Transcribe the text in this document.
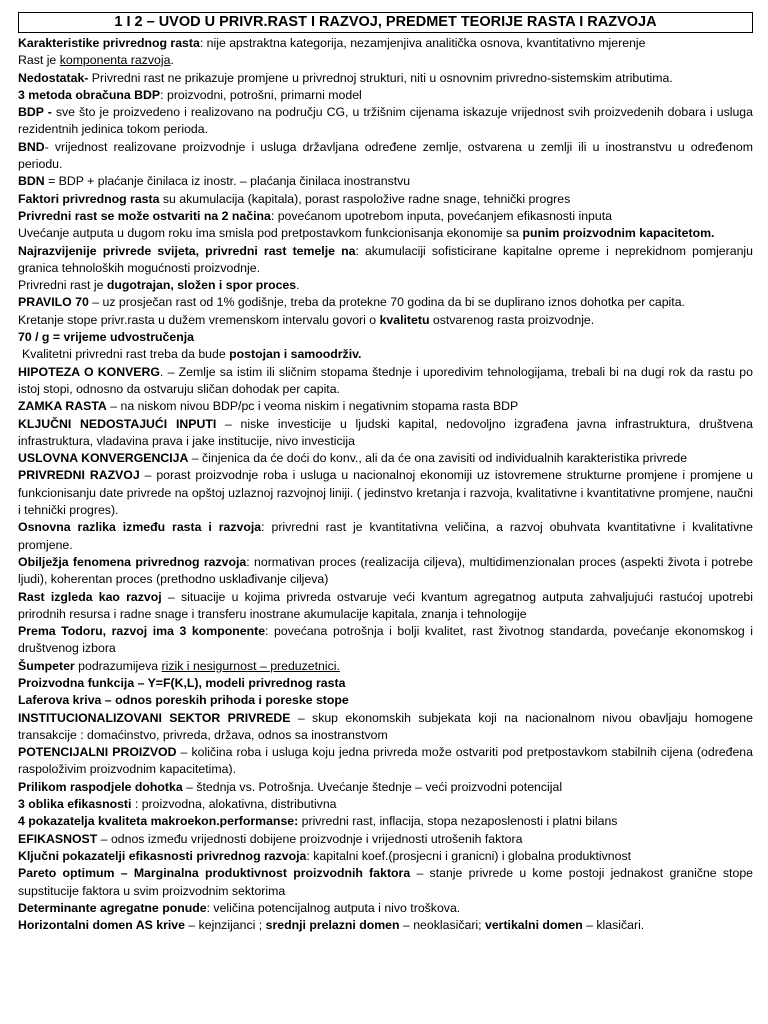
1 I 2 – UVOD U PRIVR.RAST I RAZVOJ, PREDMET TEORIJE RASTA I RAZVOJA

Karakteristike privrednog rasta: nije apstraktna kategorija, nezamjenjiva analitička osnova, kvantitativno mjerenje

Rast je komponenta razvoja.

Nedostatak- Privredni rast ne prikazuje promjene u privrednoj strukturi, niti u osnovnim privredno-sistemskim atributima.

3 metoda obračuna BDP: proizvodni, potrošni, primarni model

BDP - sve što je proizvedeno i realizovano na području CG, u tržišnim cijenama iskazuje vrijednost svih proizvedenih dobara i usluga rezidentnih jedinica tokom perioda.

BND- vrijednost realizovane proizvodnje i usluga državljana određene zemlje, ostvarena u zemlji ili u inostranstvu u određenom periodu.

BDN = BDP + plaćanje činilaca iz inostr. – plaćanja činilaca inostranstvu

Faktori privrednog rasta su akumulacija (kapitala), porast raspoložive radne snage, tehnički progres

Privredni rast se može ostvariti na 2 načina: povećanom upotrebom inputa, povećanjem efikasnosti inputa

Uvećanje autputa u dugom roku ima smisla pod pretpostavkom funkcionisanja ekonomije sa punim proizvodnim kapacitetom.

Najrazvijenije privrede svijeta, privredni rast temelje na: akumulaciji sofisticirane kapitalne opreme i neprekidnom pomjeranju granica tehnoloških mogućnosti proizvodnje.

Privredni rast je dugotrajan, složen i spor proces.

PRAVILO 70 – uz prosječan rast od 1% godišnje, treba da protekne 70 godina da bi se duplirano iznos dohotka per capita.

Kretanje stope privr.rasta u dužem vremenskom intervalu govori o kvalitetu ostvarenog rasta proizvodnje.

70 / g = vrijeme udvostručenja

Kvalitetni privredni rast treba da bude postojan i samoodrživ.

HIPOTEZA O KONVERG. – Zemlje sa istim ili sličnim stopama štednje i uporedivim tehnologijama, trebali bi na dugi rok da rastu po istoj stopi, odnosno da ostvaruju sličan dohodak per capita.

ZAMKA RASTA – na niskom nivou BDP/pc i veoma niskim i negativnim stopama rasta BDP

KLJUČNI NEDOSTAJUĆI INPUTI – niske investicije u ljudski kapital, nedovoljno izgrađena javna infrastruktura, društvena infrastruktura, vladavina prava i jake institucije, nivo investicija

USLOVNA KONVERGENCIJA – činjenica da će doći do konv., ali da će ona zavisiti od individualnih karakteristika privrede

PRIVREDNI RAZVOJ – porast proizvodnje roba i usluga u nacionalnoj ekonomiji uz istovremene strukturne promjene i promjene u funkcionisanju date privrede na opštoj uzlaznoj razvojnoj liniji. ( jedinstvo kretanja i razvoja, kvalitativne i kvantitativne promjene, naučni i tehnički progres).

Osnovna razlika između rasta i razvoja: privredni rast je kvantitativna veličina, a razvoj obuhvata kvantitativne i kvalitativne promjene.

Obilježja fenomena privrednog razvoja: normativan proces (realizacija ciljeva), multidimenzionalan proces (aspekti života i potrebe ljudi), koherentan proces (prethodno usklađivanje ciljeva)

Rast izgleda kao razvoj – situacije u kojima privreda ostvaruje veći kvantum agregatnog autputa zahvaljujući rastućoj upotrebi prirodnih resursa i radne snage i transferu inostrane akumulacije kapitala, znanja i tehnologije

Prema Todoru, razvoj ima 3 komponente: povećana potrošnja i bolji kvalitet, rast životnog standarda, povećanje ekonomskog i društvenog izbora

Šumpeter podrazumijeva rizik i nesigurnost – preduzetnici.

Proizvodna funkcija – Y=F(K,L), modeli privrednog rasta

Laferova kriva – odnos poreskih prihoda i poreske stope

INSTITUCIONALIZOVANI SEKTOR PRIVREDE – skup ekonomskih subjekata koji na nacionalnom nivou obavljaju homogene transakcije : domaćinstvo, privreda, država, odnos sa inostranstvom

POTENCIJALNI PROIZVOD – količina roba i usluga koju jedna privreda može ostvariti pod pretpostavkom stabilnih cijena (određena raspoloživim proizvodnim kapacitetima).

Prilikom raspodjele dohotka – štednja vs. Potrošnja. Uvećanje štednje – veći proizvodni potencijal

3 oblika efikasnosti : proizvodna, alokativna, distributivna

4 pokazatelja kvaliteta makroekon.performanse: privredni rast, inflacija, stopa nezaposlenosti i platni bilans

EFIKASNOST – odnos između vrijednosti dobijene proizvodnje i vrijednosti utrošenih faktora

Ključni pokazatelji efikasnosti privrednog razvoja: kapitalni koef.(prosjecni i granicni) i globalna produktivnost

Pareto optimum – Marginalna produktivnost proizvodnih faktora – stanje privrede u kome postoji jednakost granične stope supstitucije faktora u svim proizvodnim sektorima

Determinante agregatne ponude: veličina potencijalnog autputa i nivo troškova.

Horizontalni domen AS krive – kejnzijanci ; srednji prelazni domen – neoklasičari; vertikalni domen – klasičari.
